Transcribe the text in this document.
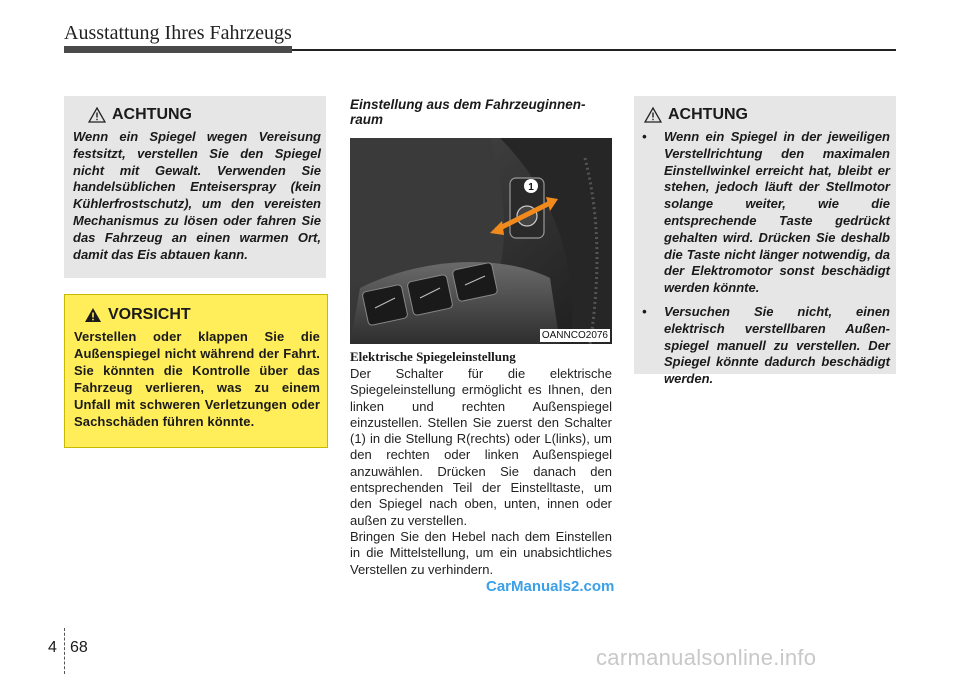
Ausstattung Ihres Fahrzeugs
ACHTUNG
Wenn ein Spiegel wegen Vereisung festsitzt, verstellen Sie den Spiegel nicht mit Gewalt. Verwenden Sie handelsüblichen Enteiserspray (kein Kühlerfrostschutz), um den vereisten Mechanismus zu lösen oder fahren Sie das Fahrzeug an einen warmen Ort, damit das Eis abtauen kann.
VORSICHT
Verstellen oder klappen Sie die Außenspiegel nicht während der Fahrt. Sie könnten die Kontrolle über das Fahrzeug verlieren, was zu einem Unfall mit schweren Verletzungen oder Sachschäden führen könnte.
Einstellung aus dem Fahrzeuginnen-raum
1
OANNCO2076
Elektrische Spiegeleinstellung
Der Schalter für die elektrische Spiegeleinstellung ermöglicht es Ihnen, den linken und rechten Außenspiegel einzustellen. Stellen Sie zuerst den Schalter (1) in die Stellung R(rechts) oder L(links), um den rechten oder linken Außenspiegel anzuwählen. Drücken Sie danach den entsprechenden Teil der Einstelltaste, um den Spiegel nach oben, unten, innen oder außen zu verstellen.
Bringen Sie den Hebel nach dem Einstellen in die Mittelstellung, um ein unabsichtliches Verstellen zu verhindern.
ACHTUNG
• Wenn ein Spiegel in der jeweiligen Verstellrichtung den maximalen Einstellwinkel erreicht hat, bleibt er stehen, jedoch läuft der Stellmotor solange weiter, wie die entsprechende Taste gedrückt gehalten wird. Drücken Sie deshalb die Taste nicht länger notwendig, da der Elektromotor sonst beschädigt werden könnte.
• Versuchen Sie nicht, einen elektrisch verstellbaren Außen-spiegel manuell zu verstellen. Der Spiegel könnte dadurch beschädigt werden.
CarManuals2.com
carmanualsonline.info
4 68
